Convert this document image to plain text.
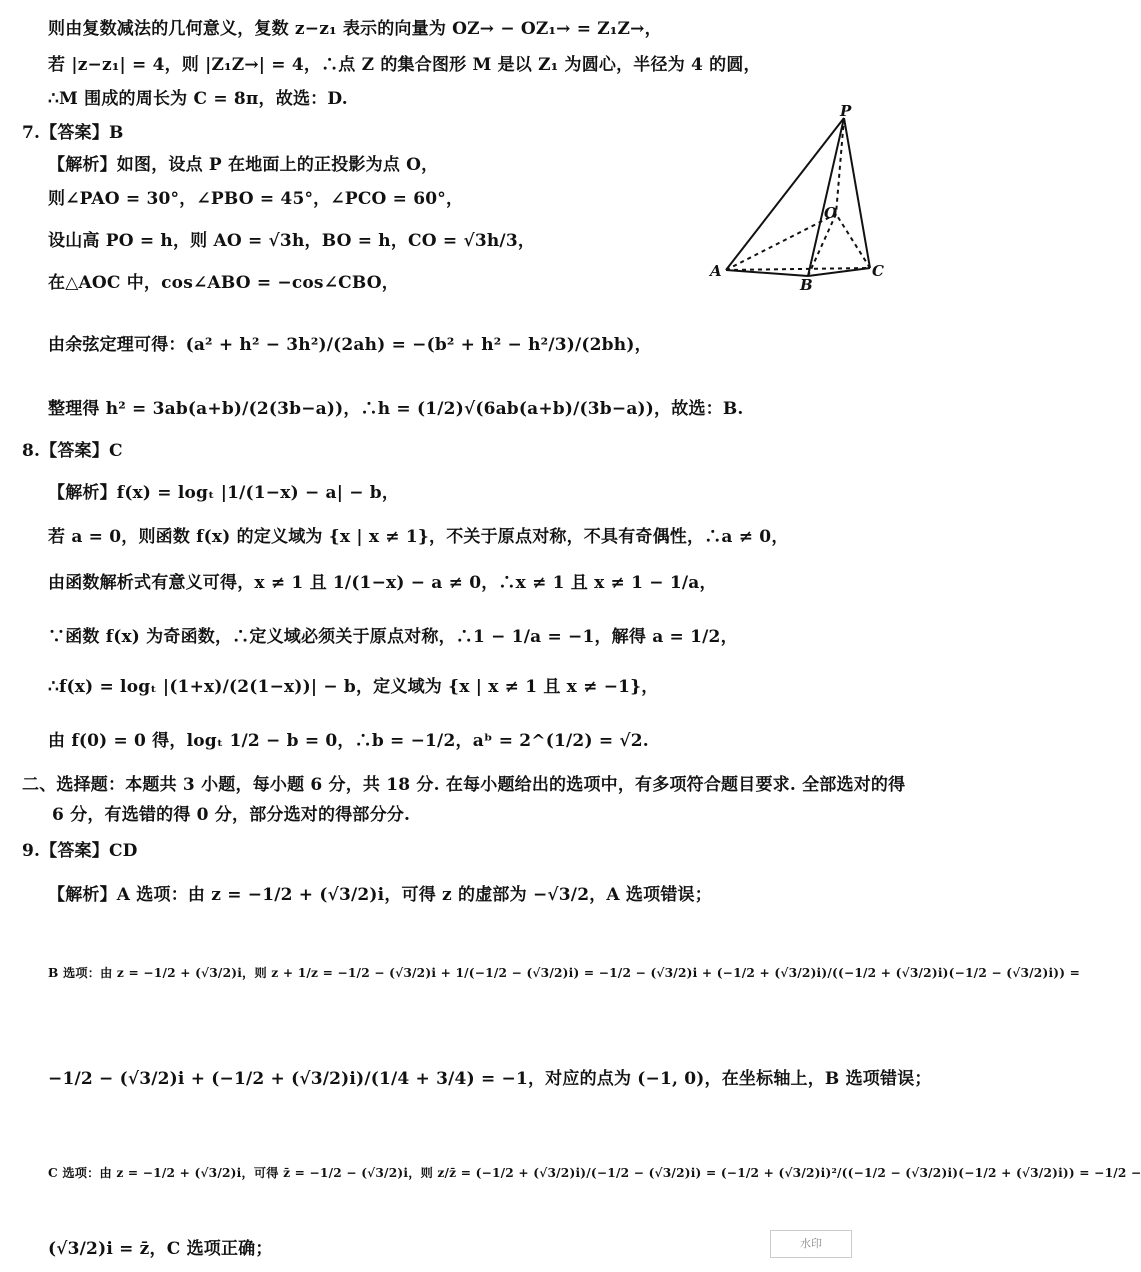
则由复数减法的几何意义，复数 z−z₁ 表示的向量为 OZ→ − OZ₁→ = Z₁Z→，
若 |z−z₁| = 4，则 |Z₁Z→| = 4，∴点 Z 的集合图形 M 是以 Z₁ 为圆心，半径为 4 的圆，
∴M 围成的周长为 C = 8π，故选：D.
7.【答案】B
【解析】如图，设点 P 在地面上的正投影为点 O，
则∠PAO = 30°，∠PBO = 45°，∠PCO = 60°，
设山高 PO = h，则 AO = √3h，BO = h，CO = √3h/3，
在△AOC 中，cos∠ABO = −cos∠CBO，
由余弦定理可得：(a² + h² − 3h²)/(2ah) = −(b² + h² − h²/3)/(2bh)，
整理得 h² = 3ab(a+b)/(2(3b−a))，∴h = (1/2)√(6ab(a+b)/(3b−a))，故选：B.
8.【答案】C
【解析】f(x) = logₜ |1/(1−x) − a| − b，
若 a = 0，则函数 f(x) 的定义域为 {x | x ≠ 1}，不关于原点对称，不具有奇偶性，∴a ≠ 0，
由函数解析式有意义可得，x ≠ 1 且 1/(1−x) − a ≠ 0，∴x ≠ 1 且 x ≠ 1 − 1/a，
∵函数 f(x) 为奇函数，∴定义域必须关于原点对称，∴1 − 1/a = −1，解得 a = 1/2，
∴f(x) = logₜ |(1+x)/(2(1−x))| − b，定义域为 {x | x ≠ 1 且 x ≠ −1}，
由 f(0) = 0 得，logₜ 1/2 − b = 0，∴b = −1/2，aᵇ = 2^(1/2) = √2.
二、选择题：本题共 3 小题，每小题 6 分，共 18 分. 在每小题给出的选项中，有多项符合题目要求. 全部选对的得
6 分，有选错的得 0 分，部分选对的得部分分.
9.【答案】CD
【解析】A 选项：由 z = −1/2 + (√3/2)i，可得 z 的虚部为 −√3/2，A 选项错误；
B 选项：由 z = −1/2 + (√3/2)i，则 z + 1/z = −1/2 − (√3/2)i + 1/(−1/2 − (√3/2)i) = −1/2 − (√3/2)i + (−1/2 + (√3/2)i)/((−1/2 + (√3/2)i)(−1/2 − (√3/2)i)) =
−1/2 − (√3/2)i + (−1/2 + (√3/2)i)/(1/4 + 3/4) = −1，对应的点为 (−1, 0)，在坐标轴上，B 选项错误；
C 选项：由 z = −1/2 + (√3/2)i，可得 z̄ = −1/2 − (√3/2)i，则 z/z̄ = (−1/2 + (√3/2)i)/(−1/2 − (√3/2)i) = (−1/2 + (√3/2)i)²/((−1/2 − (√3/2)i)(−1/2 + (√3/2)i)) = −1/2 −
(√3/2)i = z̄，C 选项正确；
P
O
A
B
C
水印
